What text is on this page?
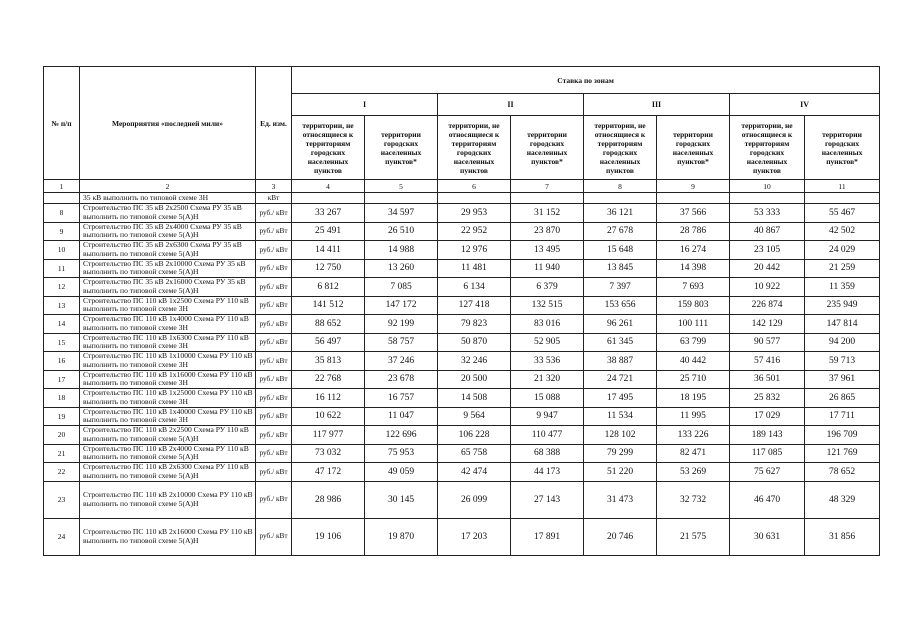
№ п/п	Мероприятия «последней мили»	Ед. изм.	Ставка по зонам							
			I		II		III		IV	
			территории, не относящиеся к территориям городских населенных пунктов	территории городских населенных пунктов*	территории, не относящиеся к территориям городских населенных пунктов	территории городских населенных пунктов*	территории, не относящиеся к территориям городских населенных пунктов	территории городских населенных пунктов*	территории, не относящиеся к территориям городских населенных пунктов	территории городских населенных пунктов*
1	2	3	4	5	6	7	8	9	10	11
	35 кВ выполнить по типовой схеме 3Н	кВт								
8	Строительство ПС 35 кВ 2x2500 Схема РУ 35 кВ выполнить по типовой схеме 5(А)Н	руб./ кВт	33 267	34 597	29 953	31 152	36 121	37 566	53 333	55 467
9	Строительство ПС 35 кВ 2x4000 Схема РУ 35 кВ выполнить по типовой схеме 5(А)Н	руб./ кВт	25 491	26 510	22 952	23 870	27 678	28 786	40 867	42 502
10	Строительство ПС 35 кВ 2x6300 Схема РУ 35 кВ выполнить по типовой схеме 5(А)Н	руб./ кВт	14 411	14 988	12 976	13 495	15 648	16 274	23 105	24 029
11	Строительство ПС 35 кВ 2x10000 Схема РУ 35 кВ выполнить по типовой схеме 5(А)Н	руб./ кВт	12 750	13 260	11 481	11 940	13 845	14 398	20 442	21 259
12	Строительство ПС 35 кВ 2x16000 Схема РУ 35 кВ выполнить по типовой схеме 5(А)Н	руб./ кВт	6 812	7 085	6 134	6 379	7 397	7 693	10 922	11 359
13	Строительство ПС 110 кВ 1x2500 Схема РУ 110 кВ выполнить по типовой схеме 3Н	руб./ кВт	141 512	147 172	127 418	132 515	153 656	159 803	226 874	235 949
14	Строительство ПС 110 кВ 1x4000 Схема РУ 110 кВ выполнить по типовой схеме 3Н	руб./ кВт	88 652	92 199	79 823	83 016	96 261	100 111	142 129	147 814
15	Строительство ПС 110 кВ 1x6300 Схема РУ 110 кВ выполнить по типовой схеме 3Н	руб./ кВт	56 497	58 757	50 870	52 905	61 345	63 799	90 577	94 200
16	Строительство ПС 110 кВ 1x10000 Схема РУ 110 кВ выполнить по типовой схеме 3Н	руб./ кВт	35 813	37 246	32 246	33 536	38 887	40 442	57 416	59 713
17	Строительство ПС 110 кВ 1x16000 Схема РУ 110 кВ выполнить по типовой схеме 3Н	руб./ кВт	22 768	23 678	20 500	21 320	24 721	25 710	36 501	37 961
18	Строительство ПС 110 кВ 1x25000 Схема РУ 110 кВ выполнить по типовой схеме 3Н	руб./ кВт	16 112	16 757	14 508	15 088	17 495	18 195	25 832	26 865
19	Строительство ПС 110 кВ 1x40000 Схема РУ 110 кВ выполнить по типовой схеме 3Н	руб./ кВт	10 622	11 047	9 564	9 947	11 534	11 995	17 029	17 711
20	Строительство ПС 110 кВ 2x2500 Схема РУ 110 кВ выполнить по типовой схеме 5(А)Н	руб./ кВт	117 977	122 696	106 228	110 477	128 102	133 226	189 143	196 709
21	Строительство ПС 110 кВ 2x4000 Схема РУ 110 кВ выполнить по типовой схеме 5(А)Н	руб./ кВт	73 032	75 953	65 758	68 388	79 299	82 471	117 085	121 769
22	Строительство ПС 110 кВ 2x6300 Схема РУ 110 кВ выполнить по типовой схеме 5(А)Н	руб./ кВт	47 172	49 059	42 474	44 173	51 220	53 269	75 627	78 652
23	Строительство ПС 110 кВ 2x10000 Схема РУ 110 кВ выполнить по типовой схеме 5(А)Н	руб./ кВт	28 986	30 145	26 099	27 143	31 473	32 732	46 470	48 329
24	Строительство ПС 110 кВ 2x16000 Схема РУ 110 кВ выполнить по типовой схеме 5(А)Н	руб./ кВт	19 106	19 870	17 203	17 891	20 746	21 575	30 631	31 856
